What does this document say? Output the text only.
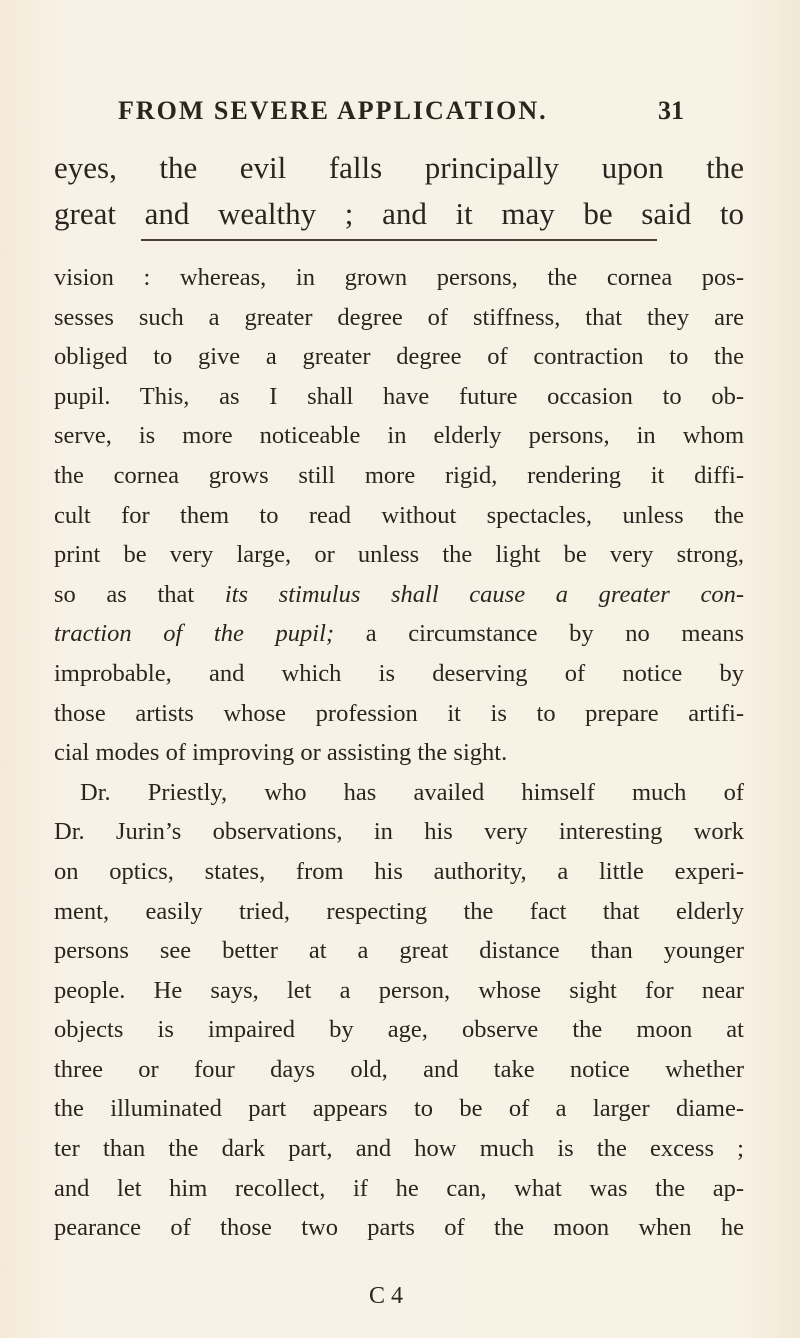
FROM SEVERE APPLICATION.	31
eyes, the evil falls principally upon the
great and wealthy ; and it may be said to
vision : whereas, in grown persons, the cornea pos-
sesses such a greater degree of stiffness, that they are
obliged to give a greater degree of contraction to the
pupil. This, as I shall have future occasion to ob-
serve, is more noticeable in elderly persons, in whom
the cornea grows still more rigid, rendering it diffi-
cult for them to read without spectacles, unless the
print be very large, or unless the light be very strong,
so as that its stimulus shall cause a greater con-
traction of the pupil; a circumstance by no means
improbable, and which is deserving of notice by
those artists whose profession it is to prepare artifi-
cial modes of improving or assisting the sight.
Dr. Priestly, who has availed himself much of
Dr. Jurin’s observations, in his very interesting work
on optics, states, from his authority, a little experi-
ment, easily tried, respecting the fact that elderly
persons see better at a great distance than younger
people. He says, let a person, whose sight for near
objects is impaired by age, observe the moon at
three or four days old, and take notice whether
the illuminated part appears to be of a larger diame-
ter than the dark part, and how much is the excess ;
and let him recollect, if he can, what was the ap-
pearance of those two parts of the moon when he
C 4
